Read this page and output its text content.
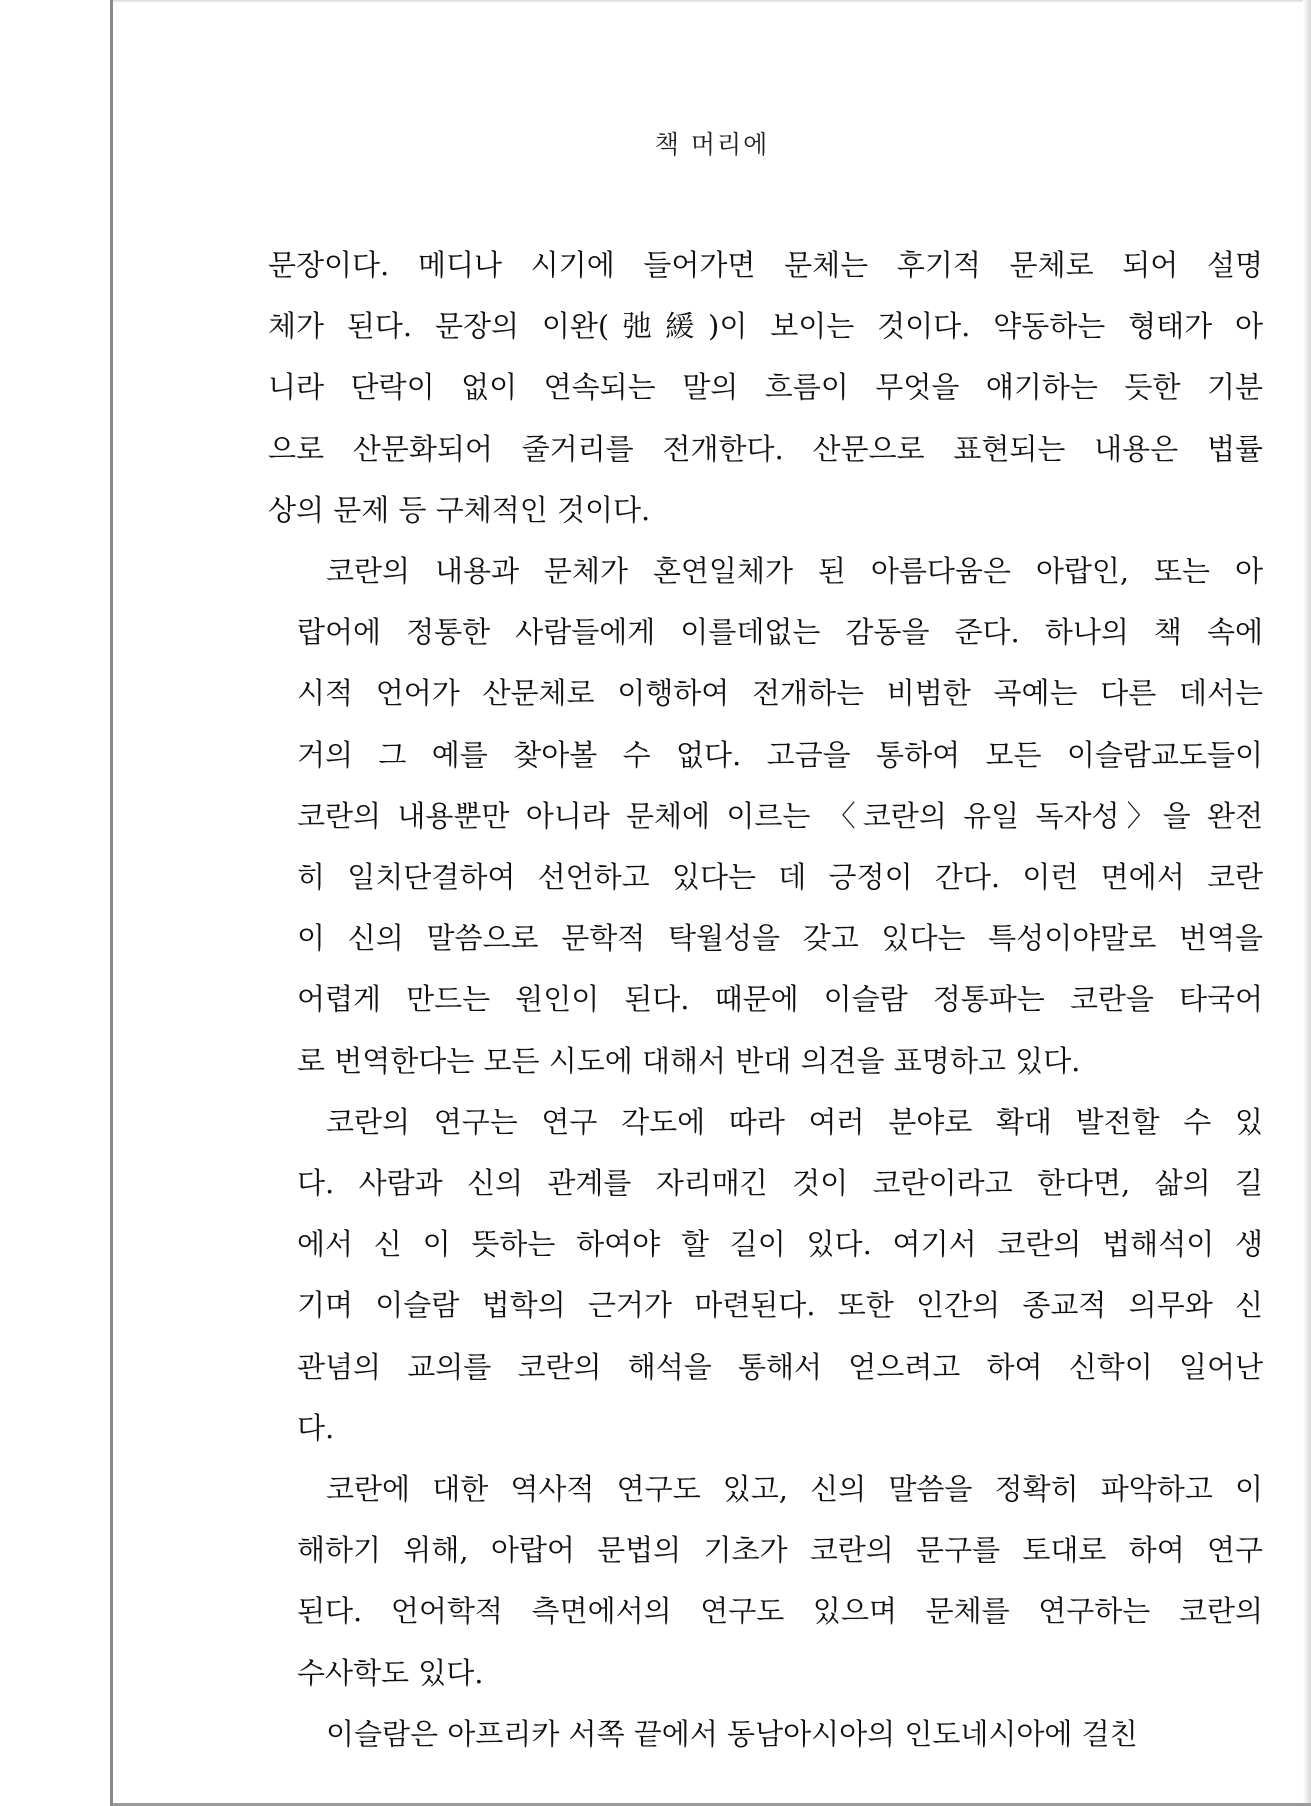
책 머리에
문장이다. 메디나 시기에 들어가면 문체는 후기적 문체로 되어 설명
체가 된다. 문장의 이완(弛緩)이 보이는 것이다. 약동하는 형태가 아
니라 단락이 없이 연속되는 말의 흐름이 무엇을 얘기하는 듯한 기분
으로 산문화되어 줄거리를 전개한다. 산문으로 표현되는 내용은 법률
상의 문제 등 구체적인 것이다.
코란의 내용과 문체가 혼연일체가 된 아름다움은 아랍인, 또는 아
랍어에 정통한 사람들에게 이를데없는 감동을 준다. 하나의 책 속에
시적 언어가 산문체로 이행하여 전개하는 비범한 곡예는 다른 데서는
거의 그 예를 찾아볼 수 없다. 고금을 통하여 모든 이슬람교도들이
코란의 내용뿐만 아니라 문체에 이르는 〈코란의 유일 독자성〉을 완전
히 일치단결하여 선언하고 있다는 데 긍정이 간다. 이런 면에서 코란
이 신의 말씀으로 문학적 탁월성을 갖고 있다는 특성이야말로 번역을
어렵게 만드는 원인이 된다. 때문에 이슬람 정통파는 코란을 타국어
로 번역한다는 모든 시도에 대해서 반대 의견을 표명하고 있다.
코란의 연구는 연구 각도에 따라 여러 분야로 확대 발전할 수 있
다. 사람과 신의 관계를 자리매긴 것이 코란이라고 한다면, 삶의 길
에서 신 이 뜻하는 하여야 할 길이 있다. 여기서 코란의 법해석이 생
기며 이슬람 법학의 근거가 마련된다. 또한 인간의 종교적 의무와 신
관념의 교의를 코란의 해석을 통해서 얻으려고 하여 신학이 일어난
다.
코란에 대한 역사적 연구도 있고, 신의 말씀을 정확히 파악하고 이
해하기 위해, 아랍어 문법의 기초가 코란의 문구를 토대로 하여 연구
된다. 언어학적 측면에서의 연구도 있으며 문체를 연구하는 코란의
수사학도 있다.
이슬람은 아프리카 서쪽 끝에서 동남아시아의 인도네시아에 걸친
